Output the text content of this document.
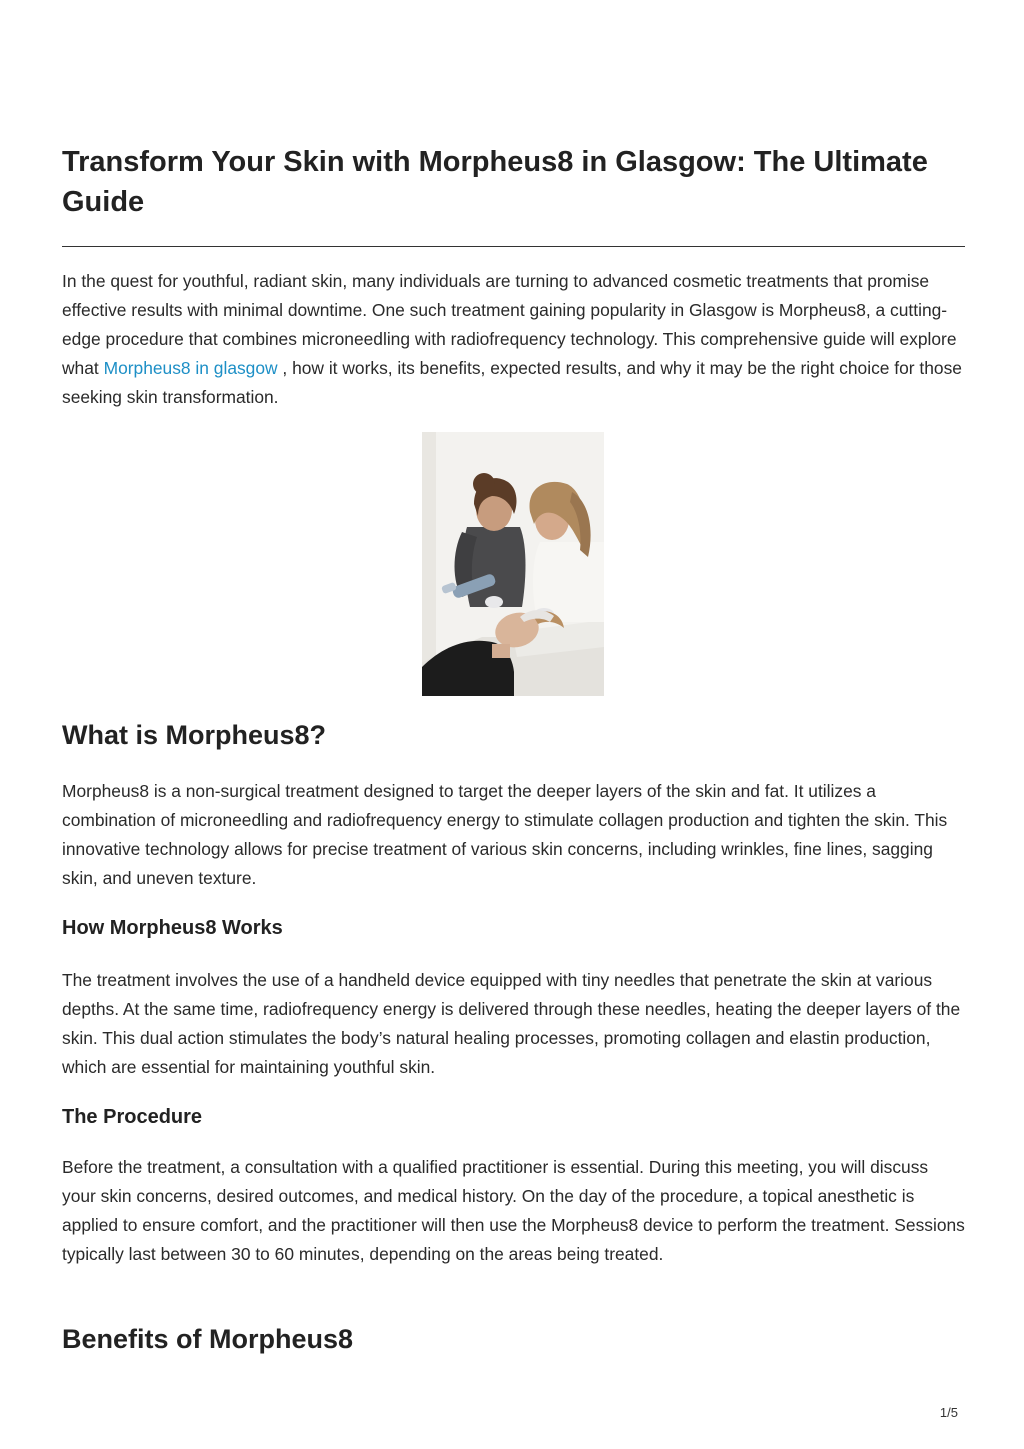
Transform Your Skin with Morpheus8 in Glasgow: The Ultimate Guide

In the quest for youthful, radiant skin, many individuals are turning to advanced cosmetic treatments that promise effective results with minimal downtime. One such treatment gaining popularity in Glasgow is Morpheus8, a cutting-edge procedure that combines microneedling with radiofrequency technology. This comprehensive guide will explore what Morpheus8 in glasgow , how it works, its benefits, expected results, and why it may be the right choice for those seeking skin transformation.

What is Morpheus8?

Morpheus8 is a non-surgical treatment designed to target the deeper layers of the skin and fat. It utilizes a combination of microneedling and radiofrequency energy to stimulate collagen production and tighten the skin. This innovative technology allows for precise treatment of various skin concerns, including wrinkles, fine lines, sagging skin, and uneven texture.

How Morpheus8 Works

The treatment involves the use of a handheld device equipped with tiny needles that penetrate the skin at various depths. At the same time, radiofrequency energy is delivered through these needles, heating the deeper layers of the skin. This dual action stimulates the body’s natural healing processes, promoting collagen and elastin production, which are essential for maintaining youthful skin.

The Procedure

Before the treatment, a consultation with a qualified practitioner is essential. During this meeting, you will discuss your skin concerns, desired outcomes, and medical history. On the day of the procedure, a topical anesthetic is applied to ensure comfort, and the practitioner will then use the Morpheus8 device to perform the treatment. Sessions typically last between 30 to 60 minutes, depending on the areas being treated.

Benefits of Morpheus8
1/5
